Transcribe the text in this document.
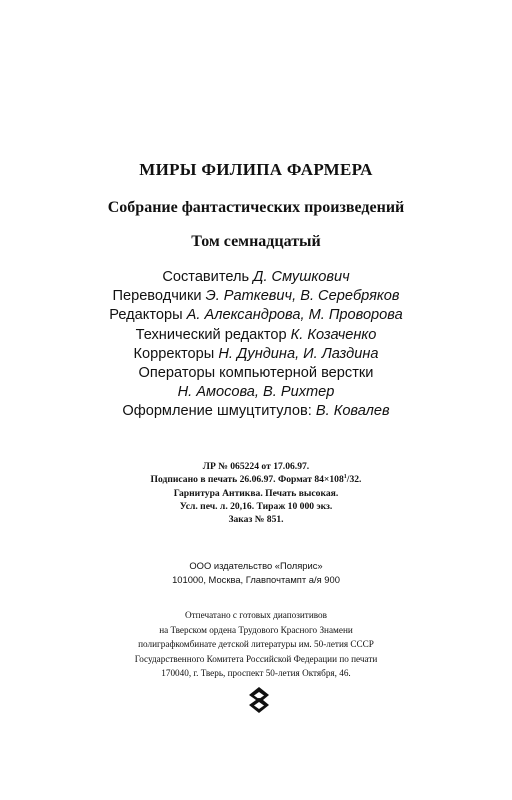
МИРЫ ФИЛИПА ФАРМЕРА
Собрание фантастических произведений
Том семнадцатый
Составитель Д. Смушкович
Переводчики Э. Раткевич, В. Серебряков
Редакторы А. Александрова, М. Проворова
Технический редактор К. Козаченко
Корректоры Н. Дундина, И. Лаздина
Операторы компьютерной верстки
Н. Амосова, В. Рихтер
Оформление шмуцтитулов: В. Ковалев
ЛР № 065224 от 17.06.97.
Подписано в печать 26.06.97. Формат $84\times 108^1/32$.
Гарнитура Антиква. Печать высокая.
Усл. печ. л. 20,16. Тираж 10 000 экз.
Заказ № 851.
ООО издательство «Полярис»
101000, Москва, Главпочтампт а/я 900
Отпечатано с готовых диапозитивов
на Тверском ордена Трудового Красного Знамени
полиграфкомбинате детской литературы им. 50-летия СССР
Государственного Комитета Российской Федерации по печати
170040, г. Тверь, проспект 50-летия Октября, 46.
